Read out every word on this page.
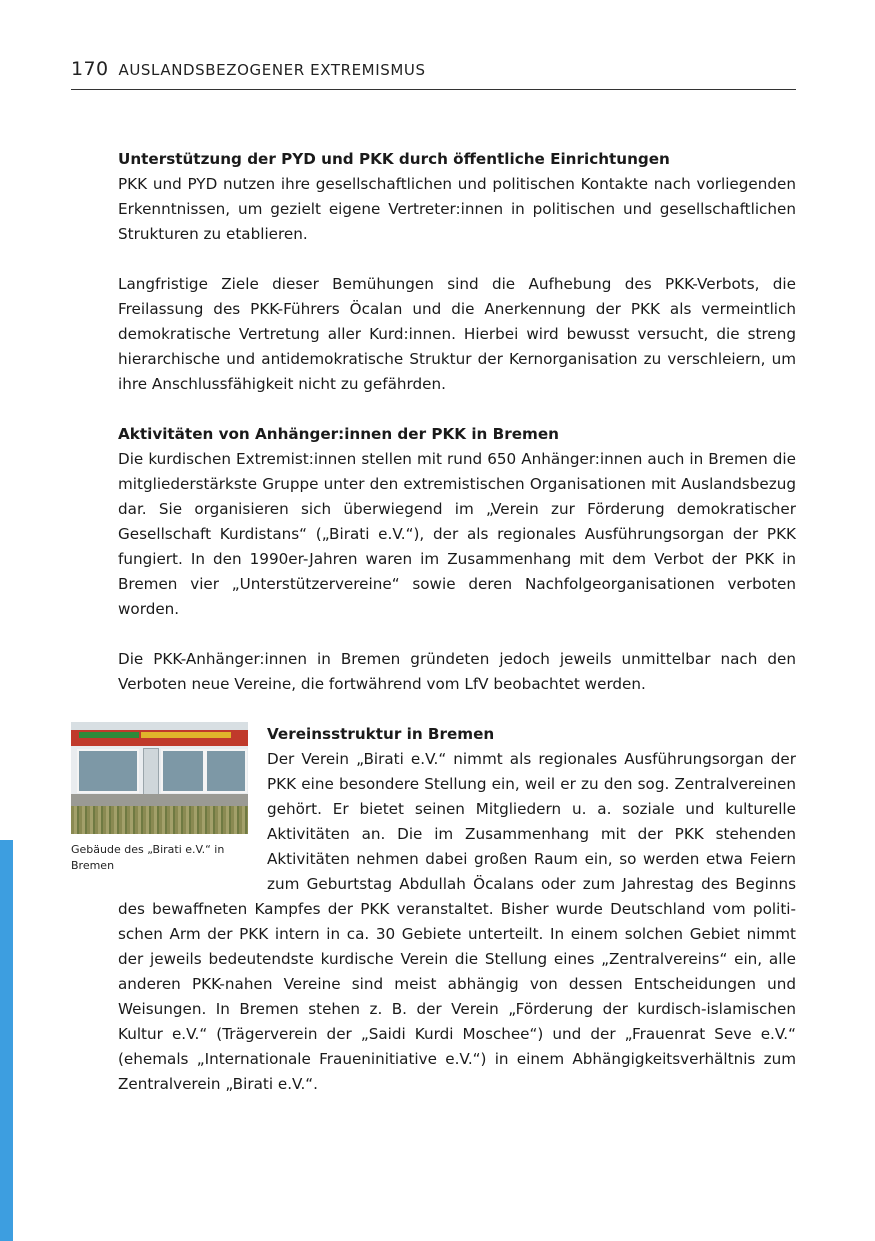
170 AUSLANDSBEZOGENER EXTREMISMUS
Unterstützung der PYD und PKK durch öffentliche Einrichtungen

PKK und PYD nutzen ihre gesellschaftlichen und politischen Kontakte nach vorliegenden Erkenntnissen, um gezielt eigene Vertreter:innen in politischen und gesellschaftlichen Strukturen zu etablieren.

Langfristige Ziele dieser Bemühungen sind die Aufhebung des PKK-Verbots, die Freilassung des PKK-Führers Öcalan und die Anerkennung der PKK als vermeintlich demokratische Vertretung aller Kurd:innen. Hierbei wird bewusst versucht, die streng hierarchische und antidemokratische Struktur der Kernorganisation zu verschleiern, um ihre Anschlussfähigkeit nicht zu gefährden.

Aktivitäten von Anhänger:innen der PKK in Bremen

Die kurdischen Extremist:innen stellen mit rund 650 Anhänger:innen auch in Bremen die mitgliederstärkste Gruppe unter den extremistischen Organisationen mit Auslandsbezug dar. Sie organisieren sich überwiegend im „Verein zur Förderung demokratischer Gesellschaft Kurdistans“ („Birati e.V.“), der als regionales Ausführungsorgan der PKK fungiert. In den 1990er-Jahren waren im Zusammenhang mit dem Verbot der PKK in Bremen vier „Unterstützervereine“ sowie deren Nachfolgeorganisationen verboten worden.

Die PKK-Anhänger:innen in Bremen gründeten jedoch jeweils unmittelbar nach den Verboten neue Vereine, die fortwährend vom LfV beobachtet werden.

Gebäude des „Birati e.V.“ in Bremen
Vereinsstruktur in Bremen

Der Verein „Birati e.V.“ nimmt als regionales Ausführungsorgan der PKK eine besondere Stellung ein, weil er zu den sog. Zentralvereinen gehört. Er bietet seinen Mitgliedern u. a. soziale und kulturelle Aktivitäten an. Die im Zusammenhang mit der PKK stehenden Aktivitäten nehmen dabei großen Raum ein, so werden etwa Feiern zum Geburtstag Abdullah Öcalans oder zum Jahrestag des Beginns des bewaffneten Kampfes der PKK veranstaltet. Bisher wurde Deutschland vom politischen Arm der PKK intern in ca. 30 Gebiete unterteilt. In einem solchen Gebiet nimmt der jeweils bedeutendste kurdische Verein die Stellung eines „Zentralvereins“ ein, alle anderen PKK-nahen Vereine sind meist abhängig von dessen Entscheidungen und Weisungen. In Bremen stehen z. B. der Verein „Förderung der kurdisch-islamischen Kultur e.V.“ (Trägerverein der „Saidi Kurdi Moschee“) und der „Frauenrat Seve e.V.“ (ehemals „Internationale Fraueninitiative e.V.“) in einem Abhängigkeitsverhältnis zum Zentralverein „Birati e.V.“.
